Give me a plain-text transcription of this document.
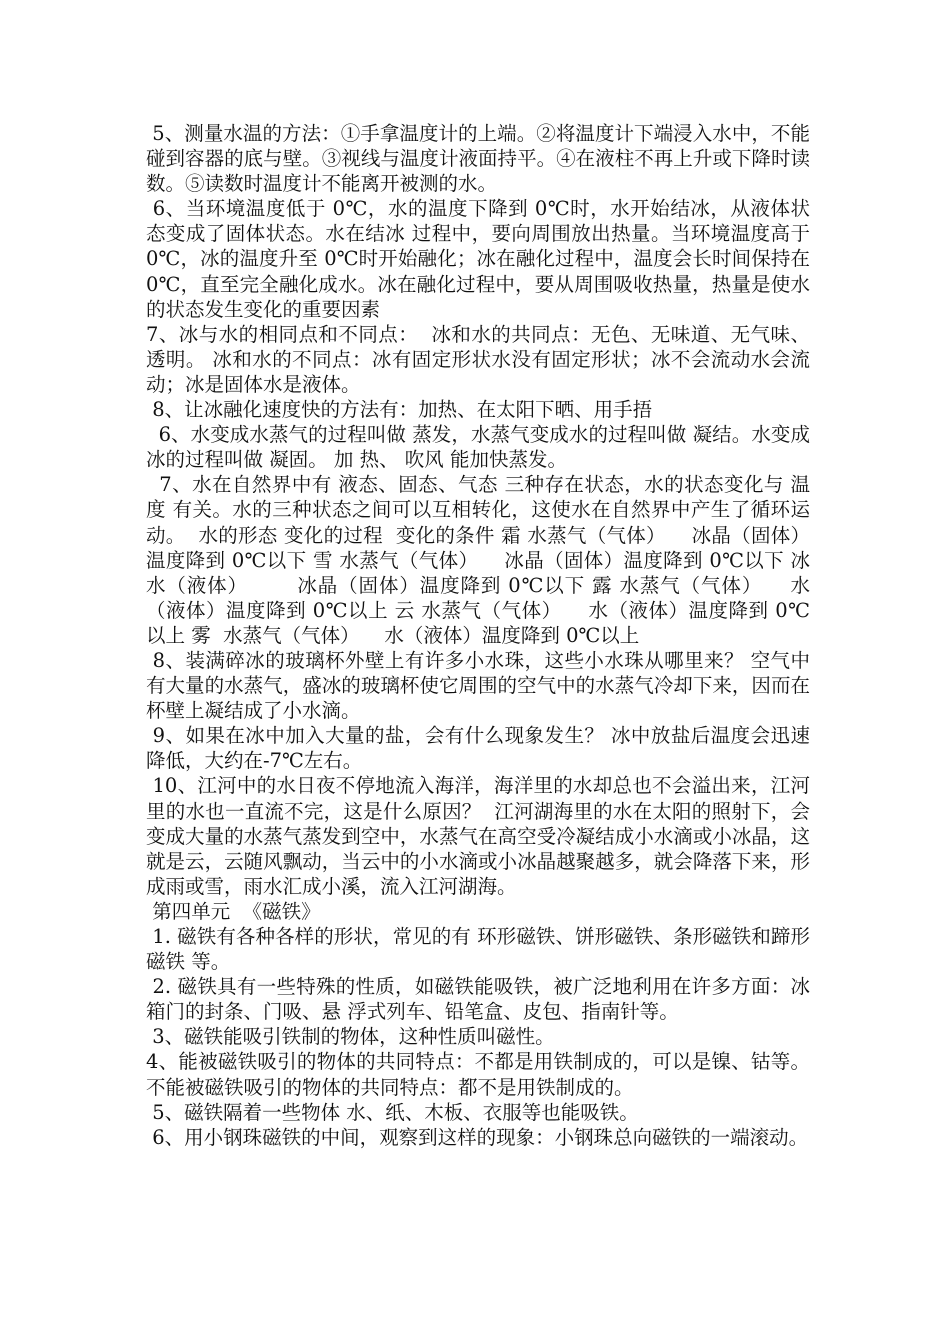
5、测量水温的方法：①手拿温度计的上端。②将温度计下端浸入水中，不能碰到容器的底与壁。③视线与温度计液面持平。④在液柱不再上升或下降时读数。⑤读数时温度计不能离开被测的水。

6、当环境温度低于 0℃，水的温度下降到 0℃时，水开始结冰，从液体状态变成了固体状态。水在结冰 过程中，要向周围放出热量。当环境温度高于 0℃，冰的温度升至 0℃时开始融化；冰在融化过程中，温度会长时间保持在 0℃，直至完全融化成水。冰在融化过程中，要从周围吸收热量，热量是使水的状态发生变化的重要因素

7、冰与水的相同点和不同点：  冰和水的共同点：无色、无味道、无气味、透明。 冰和水的不同点：冰有固定形状水没有固定形状；冰不会流动水会流动；冰是固体水是液体。

8、让冰融化速度快的方法有：加热、在太阳下晒、用手捂

6、水变成水蒸气的过程叫做 蒸发，水蒸气变成水的过程叫做 凝结。水变成冰的过程叫做 凝固。 加 热、 吹风 能加快蒸发。

7、水在自然界中有 液态、固态、气态 三种存在状态，水的状态变化与 温度 有关。水的三种状态之间可以互相转化，这使水在自然界中产生了循环运动。  水的形态 变化的过程  变化的条件 霜 水蒸气（气体）    冰晶（固体）温度降到 0℃以下 雪 水蒸气（气体）    冰晶（固体）温度降到 0℃以下 冰 水（液体）       冰晶（固体）温度降到 0℃以下 露 水蒸气（气体）    水（液体）温度降到 0℃以上 云 水蒸气（气体）    水（液体）温度降到 0℃以上 雾  水蒸气（气体）    水（液体）温度降到 0℃以上

8、装满碎冰的玻璃杯外壁上有许多小水珠，这些小水珠从哪里来？ 空气中有大量的水蒸气，盛冰的玻璃杯使它周围的空气中的水蒸气冷却下来，因而在杯壁上凝结成了小水滴。

9、如果在冰中加入大量的盐，会有什么现象发生？ 冰中放盐后温度会迅速降低，大约在-7℃左右。

10、江河中的水日夜不停地流入海洋，海洋里的水却总也不会溢出来，江河里的水也一直流不完，这是什么原因？  江河湖海里的水在太阳的照射下，会变成大量的水蒸气蒸发到空中，水蒸气在高空受冷凝结成小水滴或小冰晶，这就是云，云随风飘动，当云中的小水滴或小冰晶越聚越多，就会降落下来，形成雨或雪，雨水汇成小溪，流入江河湖海。

第四单元  《磁铁》

1. 磁铁有各种各样的形状，常见的有 环形磁铁、饼形磁铁、条形磁铁和蹄形磁铁 等。

2. 磁铁具有一些特殊的性质，如磁铁能吸铁，被广泛地利用在许多方面：冰箱门的封条、门吸、悬 浮式列车、铅笔盒、皮包、指南针等。

3、磁铁能吸引铁制的物体，这种性质叫磁性。

4、能被磁铁吸引的物体的共同特点：不都是用铁制成的，可以是镍、钴等。 不能被磁铁吸引的物体的共同特点：都不是用铁制成的。

5、磁铁隔着一些物体 水、纸、木板、衣服等也能吸铁。

6、用小钢珠磁铁的中间，观察到这样的现象：小钢珠总向磁铁的一端滚动。
